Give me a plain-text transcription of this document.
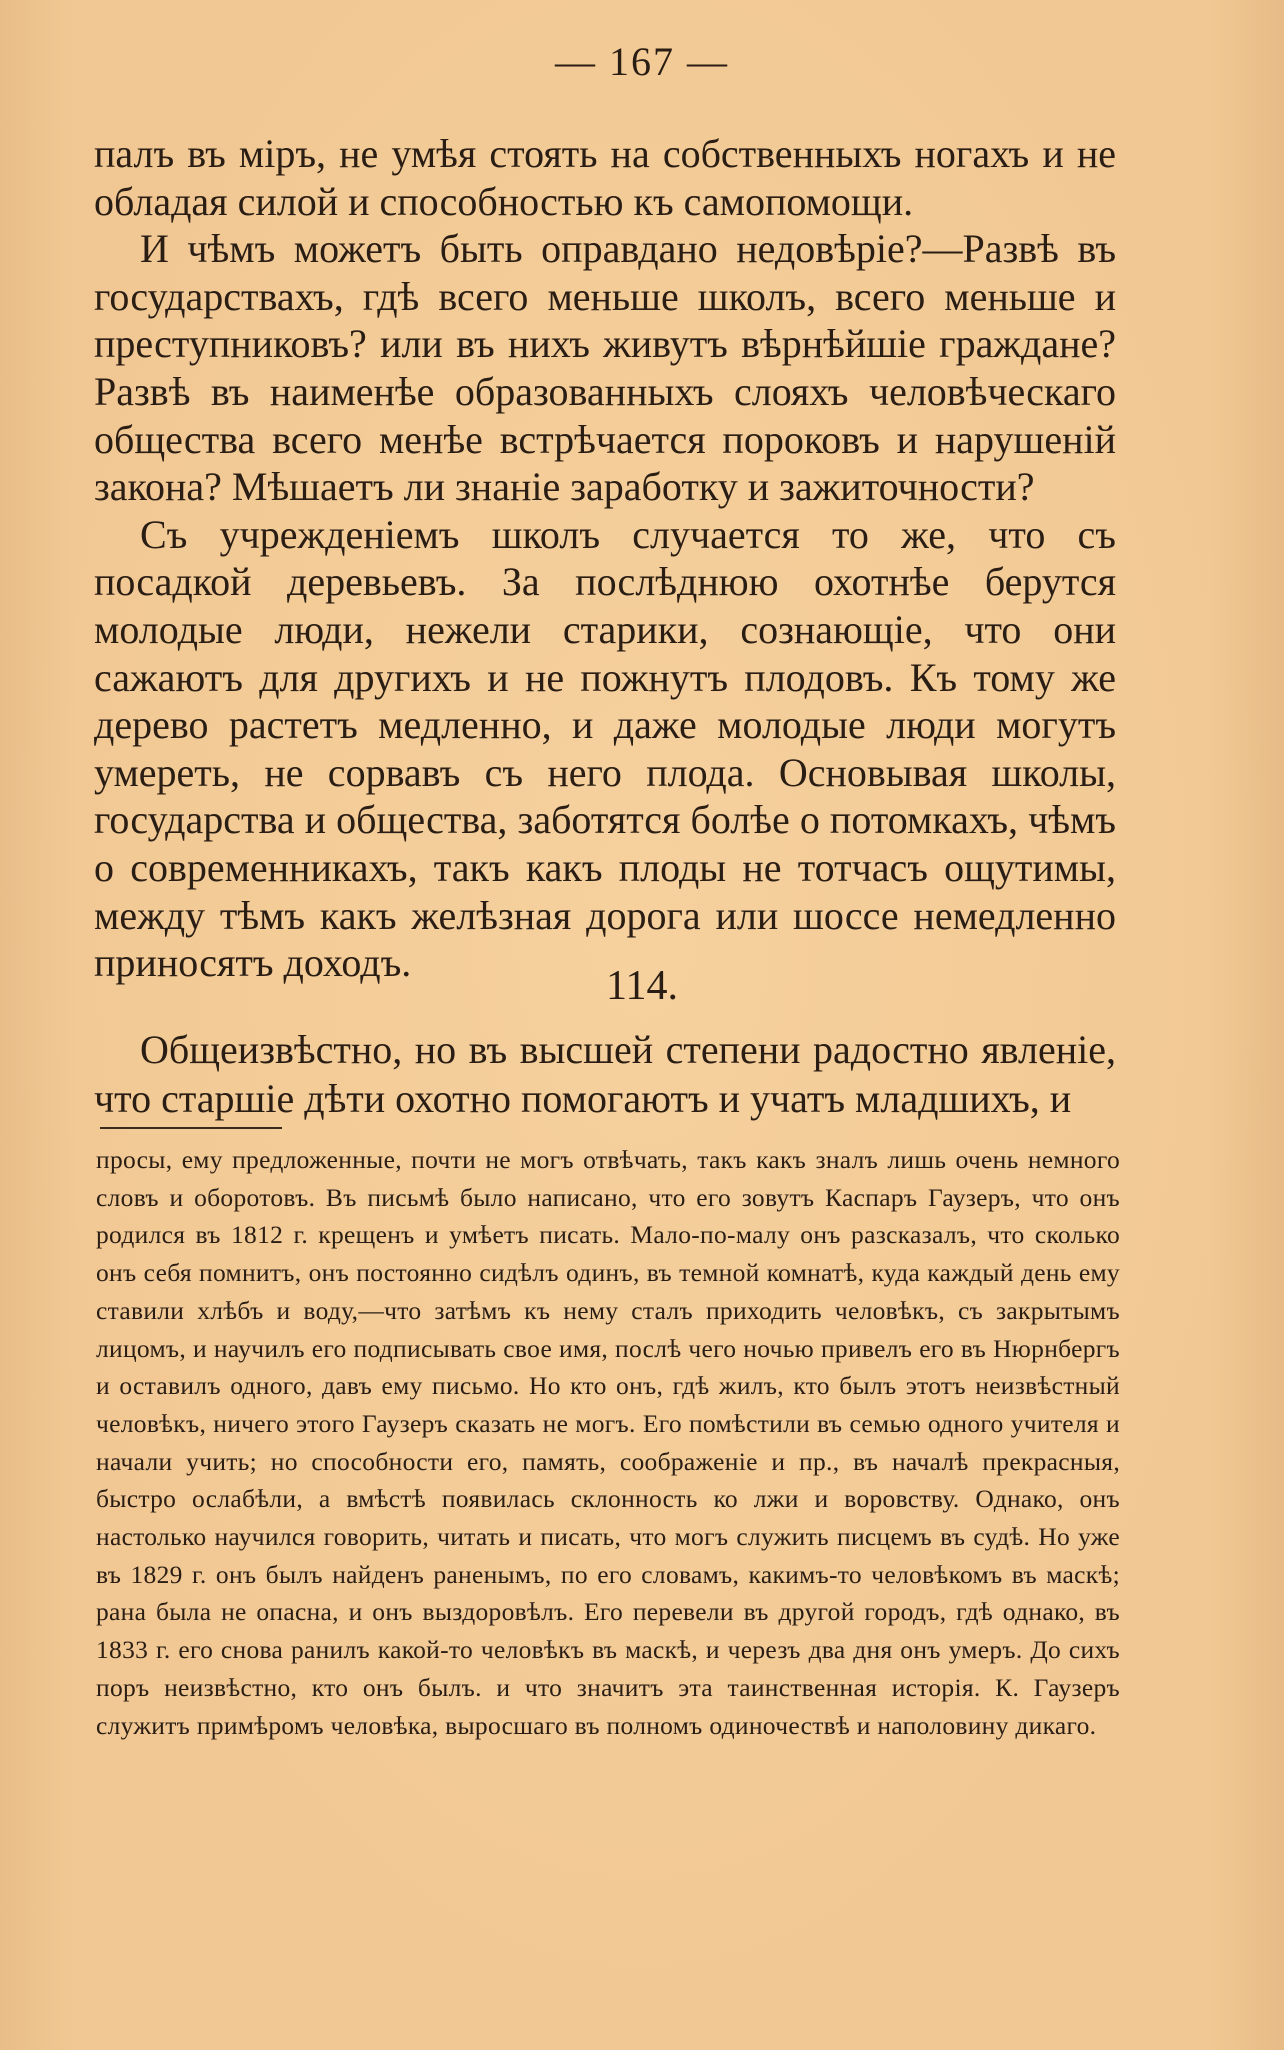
— 167 —

палъ въ міръ, не умѣя стоять на собственныхъ ногахъ и не обладая силой и способностью къ самопомощи.

И чѣмъ можетъ быть оправдано недовѣріе?—Развѣ въ государствахъ, гдѣ всего меньше школъ, всего меньше и преступниковъ? или въ нихъ живутъ вѣрнѣйшіе граждане? Развѣ въ наименѣе образованныхъ слояхъ человѣческаго общества всего менѣе встрѣчается пороковъ и нарушеній закона? Мѣшаетъ ли знаніе заработку и зажиточности?

Съ учрежденіемъ школъ случается то же, что съ посадкой деревьевъ. За послѣднюю охотнѣе берутся молодые люди, нежели старики, сознающіе, что они сажаютъ для другихъ и не пожнутъ плодовъ. Къ тому же дерево растетъ медленно, и даже молодые люди могутъ умереть, не сорвавъ съ него плода. Основывая школы, государства и общества, заботятся болѣе о потомкахъ, чѣмъ о современникахъ, такъ какъ плоды не тотчасъ ощутимы, между тѣмъ какъ желѣзная дорога или шоссе немедленно приносятъ доходъ.

114.

Общеизвѣстно, но въ высшей степени радостно явленіе, что старшіе дѣти охотно помогаютъ и учатъ младшихъ, и

просы, ему предложенные, почти не могъ отвѣчать, такъ какъ зналъ лишь очень немного словъ и оборотовъ. Въ письмѣ было написано, что его зовутъ Каспаръ Гаузеръ, что онъ родился въ 1812 г. крещенъ и умѣетъ писать. Мало-по-малу онъ разсказалъ, что сколько онъ себя помнитъ, онъ постоянно сидѣлъ одинъ, въ темной комнатѣ, куда каждый день ему ставили хлѣбъ и воду,—что затѣмъ къ нему сталъ приходить человѣкъ, съ закрытымъ лицомъ, и научилъ его подписывать свое имя, послѣ чего ночью привелъ его въ Нюрнбергъ и оставилъ одного, давъ ему письмо. Но кто онъ, гдѣ жилъ, кто былъ этотъ неизвѣстный человѣкъ, ничего этого Гаузеръ сказать не могъ. Его помѣстили въ семью одного учителя и начали учить; но способности его, память, соображеніе и пр., въ началѣ прекрасныя, быстро ослабѣли, а вмѣстѣ появилась склонность ко лжи и воровству. Однако, онъ настолько научился говорить, читать и писать, что могъ служить писцемъ въ судѣ. Но уже въ 1829 г. онъ былъ найденъ раненымъ, по его словамъ, какимъ-то человѣкомъ въ маскѣ; рана была не опасна, и онъ выздоровѣлъ. Его перевели въ другой городъ, гдѣ однако, въ 1833 г. его снова ранилъ какой-то человѣкъ въ маскѣ, и черезъ два дня онъ умеръ. До сихъ поръ неизвѣстно, кто онъ былъ. и что значитъ эта таинственная исторія. К. Гаузеръ служитъ примѣромъ человѣка, выросшаго въ полномъ одиночествѣ и наполовину дикаго.
